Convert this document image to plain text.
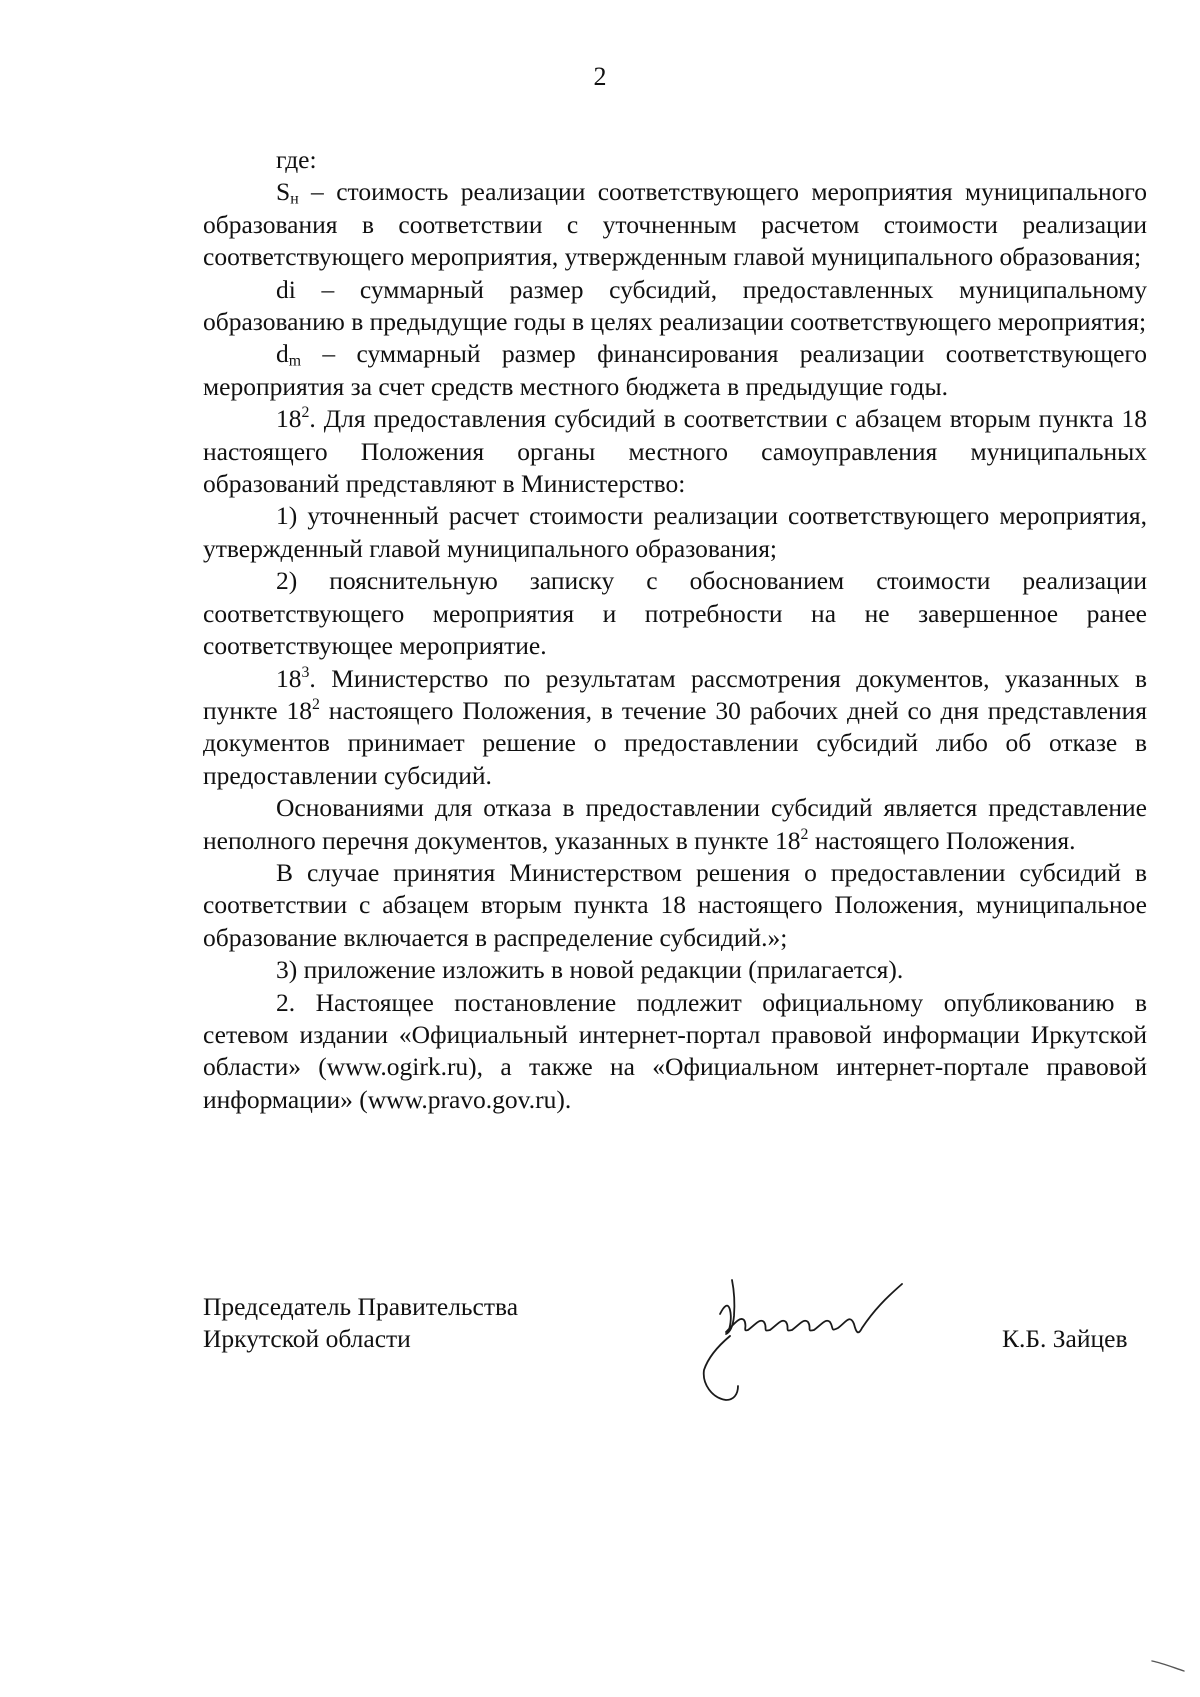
2

где:

$S_н$ – стоимость реализации соответствующего мероприятия муниципального образования в соответствии с уточненным расчетом стоимости реализации соответствующего мероприятия, утвержденным главой муниципального образования;

di – суммарный размер субсидий, предоставленных муниципальному образованию в предыдущие годы в целях реализации соответствующего мероприятия;

$d_m$ – суммарный размер финансирования реализации соответствующего мероприятия за счет средств местного бюджета в предыдущие годы.

$18^2$. Для предоставления субсидий в соответствии с абзацем вторым пункта 18 настоящего Положения органы местного самоуправления муниципальных образований представляют в Министерство:

1) уточненный расчет стоимости реализации соответствующего мероприятия, утвержденный главой муниципального образования;

2) пояснительную записку с обоснованием стоимости реализации соответствующего мероприятия и потребности на не завершенное ранее соответствующее мероприятие.

$18^3$. Министерство по результатам рассмотрения документов, указанных в пункте $18^2$ настоящего Положения, в течение 30 рабочих дней со дня представления документов принимает решение о предоставлении субсидий либо об отказе в предоставлении субсидий.

Основаниями для отказа в предоставлении субсидий является представление неполного перечня документов, указанных в пункте $18^2$ настоящего Положения.

В случае принятия Министерством решения о предоставлении субсидий в соответствии с абзацем вторым пункта 18 настоящего Положения, муниципальное образование включается в распределение субсидий.»;

3) приложение изложить в новой редакции (прилагается).

2. Настоящее постановление подлежит официальному опубликованию в сетевом издании «Официальный интернет-портал правовой информации Иркутской области» (www.ogirk.ru), а также на «Официальном интернет-портале правовой информации» (www.pravo.gov.ru).

Председатель Правительства
Иркутской области	К.Б. Зайцев
